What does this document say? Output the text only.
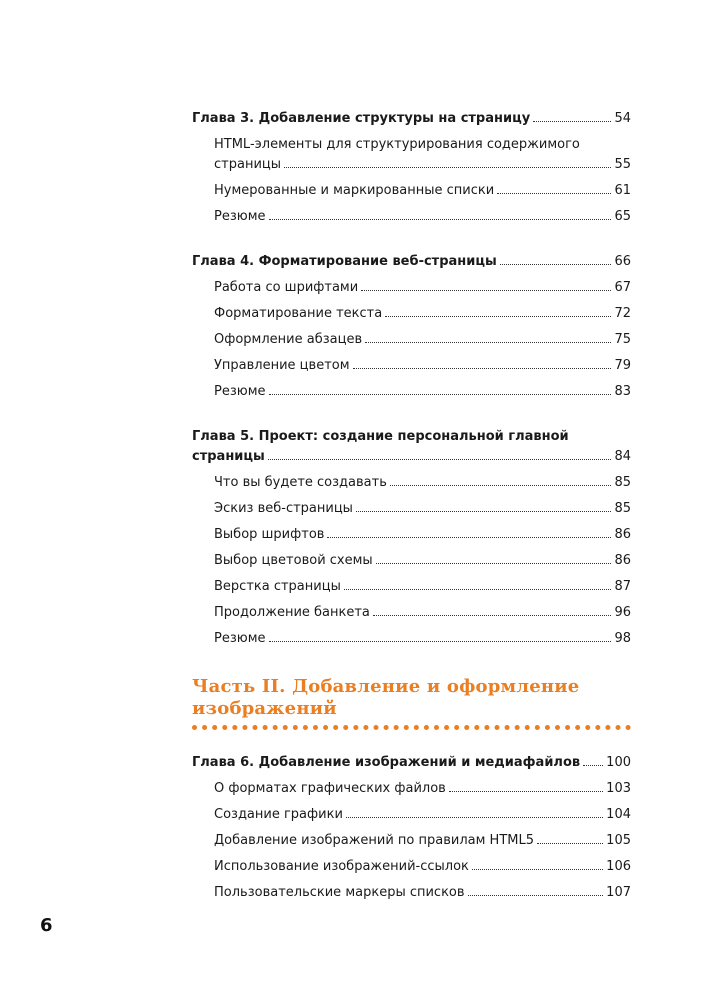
Глава 3. Добавление структуры на страницу	54
HTML-элементы для структурирования содержимого
страницы	55
Нумерованные и маркированные списки	61
Резюме	65
Глава 4. Форматирование веб-страницы	66
Работа со шрифтами	67
Форматирование текста	72
Оформление абзацев	75
Управление цветом	79
Резюме	83
Глава 5. Проект: создание персональной главной
страницы	84
Что вы будете создавать	85
Эскиз веб-страницы	85
Выбор шрифтов	86
Выбор цветовой схемы	86
Верстка страницы	87
Продолжение банкета	96
Резюме	98
Часть II. Добавление и оформление
изображений
Глава 6. Добавление изображений и медиафайлов 100
О форматах графических файлов	103
Создание графики	104
Добавление изображений по правилам HTML5	105
Использование изображений-ссылок	106
Пользовательские маркеры списков	107
6
